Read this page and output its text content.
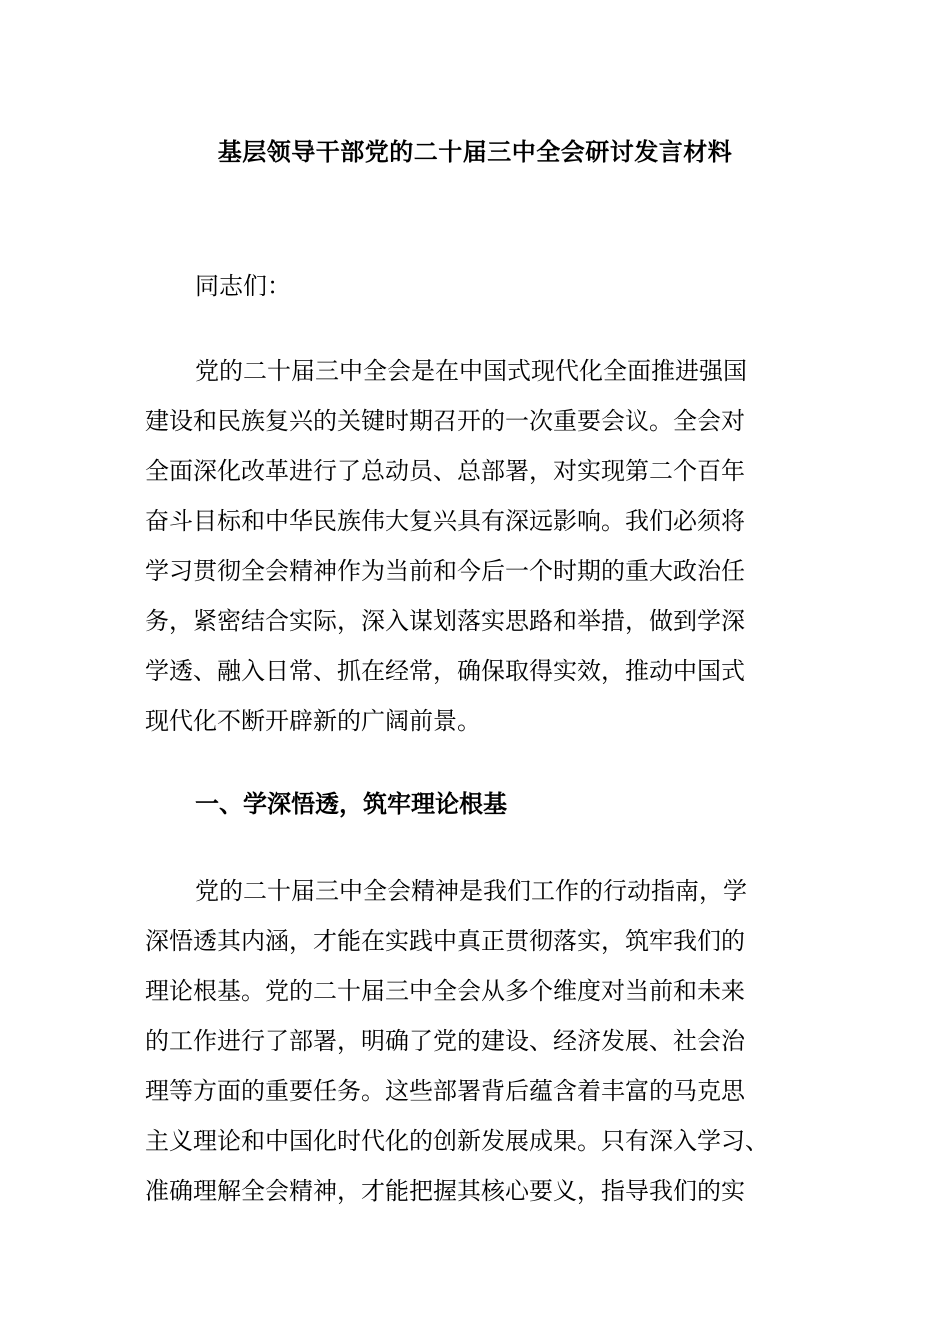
基层领导干部党的二十届三中全会研讨发言材料
同志们：
党的二十届三中全会是在中国式现代化全面推进强国
建设和民族复兴的关键时期召开的一次重要会议。全会对
全面深化改革进行了总动员、总部署，对实现第二个百年
奋斗目标和中华民族伟大复兴具有深远影响。我们必须将
学习贯彻全会精神作为当前和今后一个时期的重大政治任
务，紧密结合实际，深入谋划落实思路和举措，做到学深
学透、融入日常、抓在经常，确保取得实效，推动中国式
现代化不断开辟新的广阔前景。
一、学深悟透，筑牢理论根基
党的二十届三中全会精神是我们工作的行动指南，学
深悟透其内涵，才能在实践中真正贯彻落实，筑牢我们的
理论根基。党的二十届三中全会从多个维度对当前和未来
的工作进行了部署，明确了党的建设、经济发展、社会治
理等方面的重要任务。这些部署背后蕴含着丰富的马克思
主义理论和中国化时代化的创新发展成果。只有深入学习、
准确理解全会精神，才能把握其核心要义，指导我们的实
